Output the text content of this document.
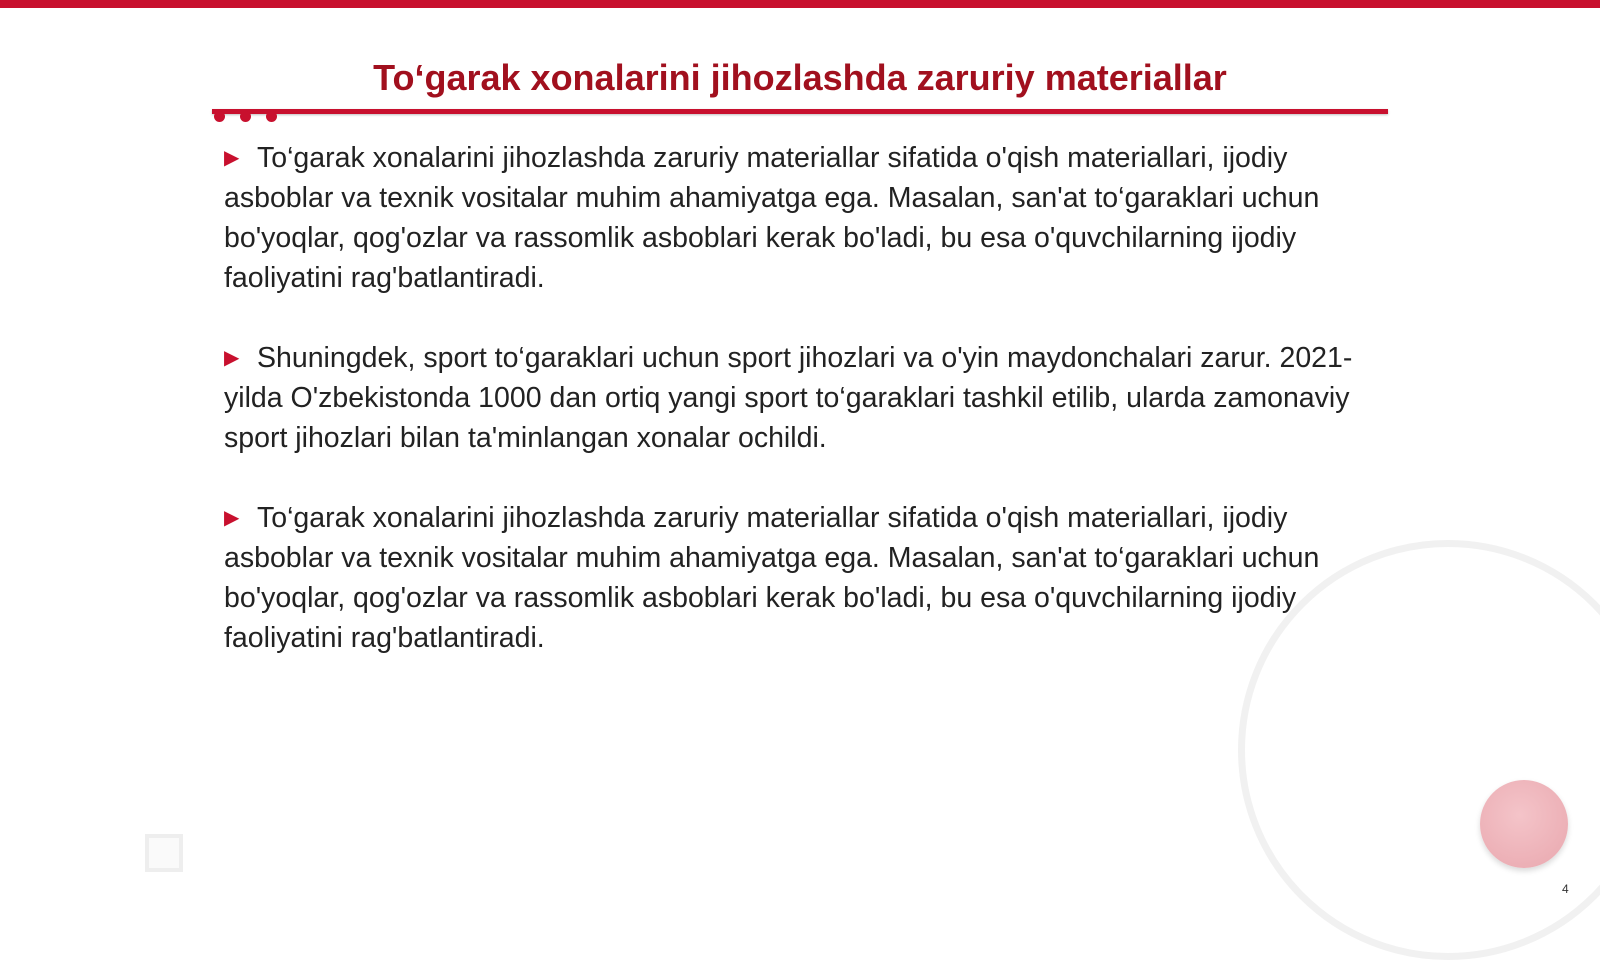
To‘garak xonalarini jihozlashda zaruriy materiallar

▶ To‘garak xonalarini jihozlashda zaruriy materiallar sifatida o'qish materiallari, ijodiy asboblar va texnik vositalar muhim ahamiyatga ega. Masalan, san'at to‘garaklari uchun bo'yoqlar, qog'ozlar va rassomlik asboblari kerak bo'ladi, bu esa o'quvchilarning ijodiy faoliyatini rag'batlantiradi.

▶ Shuningdek, sport to‘garaklari uchun sport jihozlari va o'yin maydonchalari zarur. 2021-yilda O'zbekistonda 1000 dan ortiq yangi sport to‘garaklari tashkil etilib, ularda zamonaviy sport jihozlari bilan ta'minlangan xonalar ochildi.

▶ To‘garak xonalarini jihozlashda zaruriy materiallar sifatida o'qish materiallari, ijodiy asboblar va texnik vositalar muhim ahamiyatga ega. Masalan, san'at to‘garaklari uchun bo'yoqlar, qog'ozlar va rassomlik asboblari kerak bo'ladi, bu esa o'quvchilarning ijodiy faoliyatini rag'batlantiradi.

4
